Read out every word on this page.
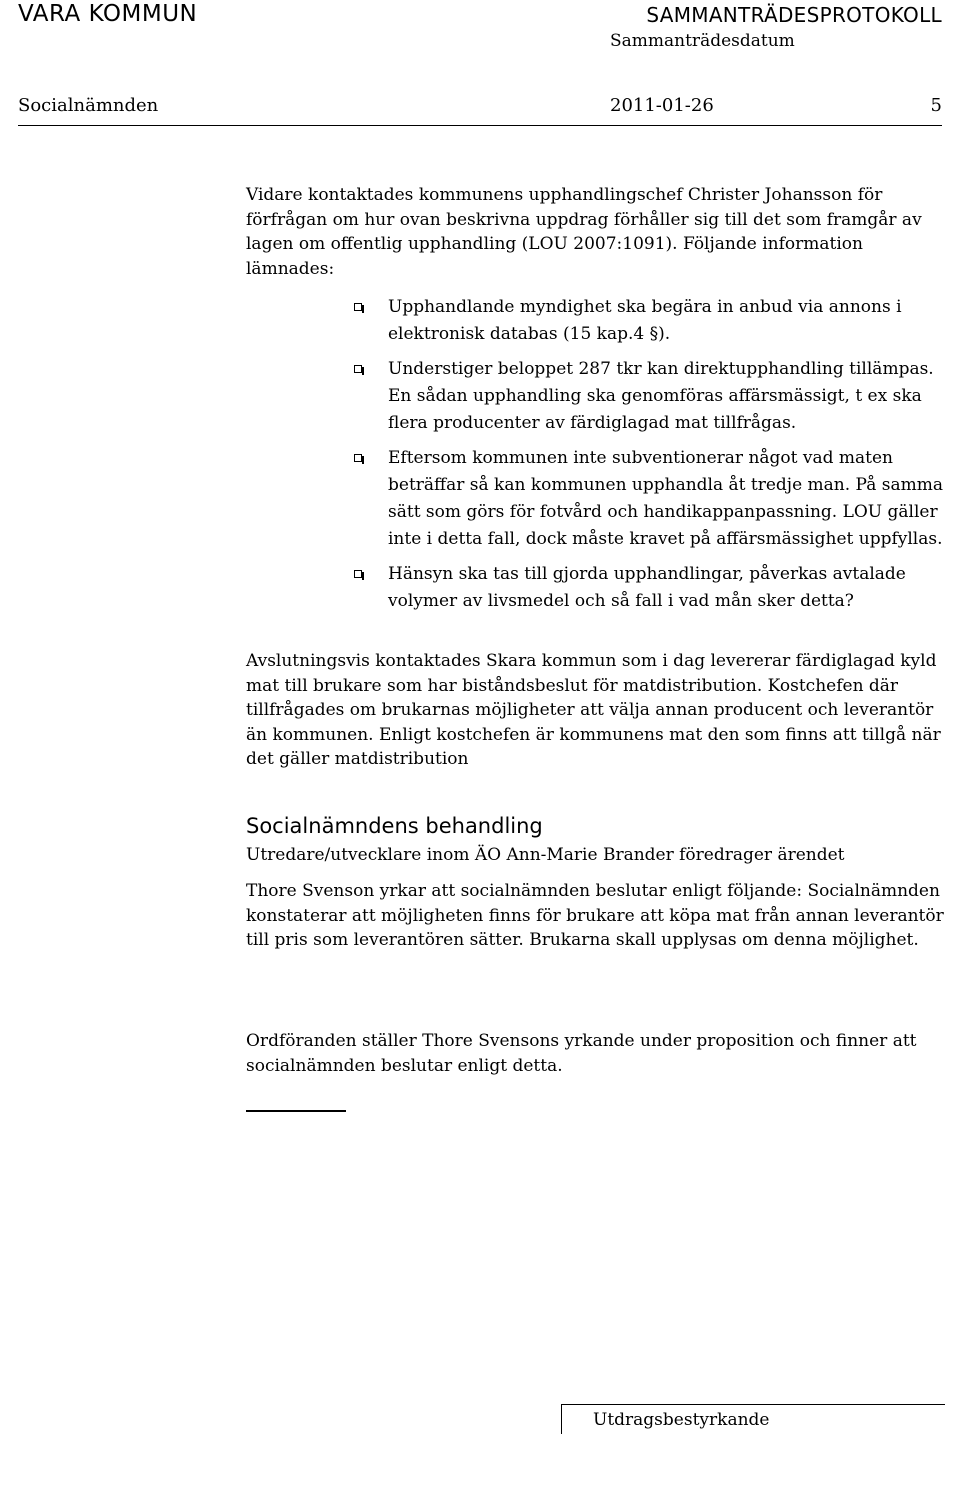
VARA KOMMUN	SAMMANTRÄDESPROTOKOLL
Sammanträdesdatum
Socialnämnden	2011-01-26	5
Vidare kontaktades kommunens upphandlingschef Christer Johansson för förfrågan om hur ovan beskrivna uppdrag förhåller sig till det som framgår av lagen om offentlig upphandling (LOU 2007:1091). Följande information lämnades:
Upphandlande myndighet ska begära in anbud via annons i elektronisk databas (15 kap.4 §).
Understiger beloppet 287 tkr kan direktupphandling tillämpas. En sådan upphandling ska genomföras affärsmässigt, t ex ska flera producenter av färdiglagad mat tillfrågas.
Eftersom kommunen inte subventionerar något vad maten beträffar så kan kommunen upphandla åt tredje man. På samma sätt som görs för fotvård och handikappanpassning. LOU gäller inte i detta fall, dock måste kravet på affärsmässighet uppfyllas.
Hänsyn ska tas till gjorda upphandlingar, påverkas avtalade volymer av livsmedel och så fall i vad mån sker detta?
Avslutningsvis kontaktades Skara kommun som i dag levererar färdiglagad kyld mat till brukare som har biståndsbeslut för matdistribution. Kostchefen där tillfrågades om brukarnas möjligheter att välja annan producent och leverantör än kommunen. Enligt kostchefen är kommunens mat den som finns att tillgå när det gäller matdistribution
Socialnämndens behandling
Utredare/utvecklare inom ÄO Ann-Marie Brander föredrager ärendet
Thore Svenson yrkar att socialnämnden beslutar enligt följande: Socialnämnden konstaterar att möjligheten finns för brukare att köpa mat från annan leverantör till pris som leverantören sätter. Brukarna skall upplysas om denna möjlighet.
Ordföranden ställer Thore Svensons yrkande under proposition och finner att socialnämnden beslutar enligt detta.
Utdragsbestyrkande
